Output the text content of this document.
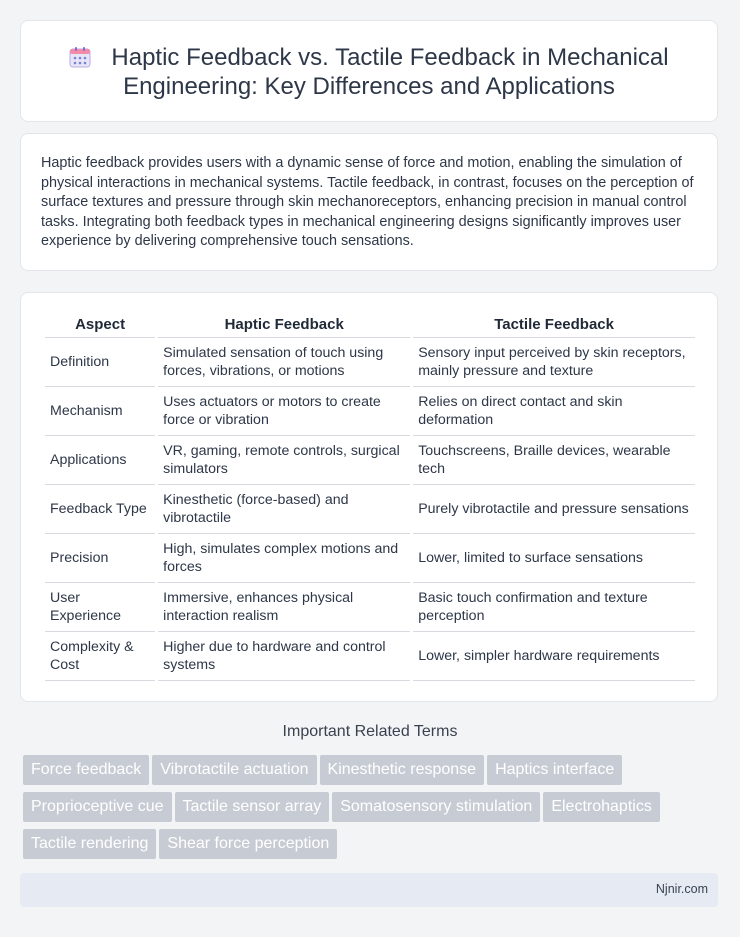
Haptic Feedback vs. Tactile Feedback in Mechanical Engineering: Key Differences and Applications
Haptic feedback provides users with a dynamic sense of force and motion, enabling the simulation of physical interactions in mechanical systems. Tactile feedback, in contrast, focuses on the perception of surface textures and pressure through skin mechanoreceptors, enhancing precision in manual control tasks. Integrating both feedback types in mechanical engineering designs significantly improves user experience by delivering comprehensive touch sensations.
Aspect	Haptic Feedback	Tactile Feedback
Definition	Simulated sensation of touch using forces, vibrations, or motions	Sensory input perceived by skin receptors, mainly pressure and texture
Mechanism	Uses actuators or motors to create force or vibration	Relies on direct contact and skin deformation
Applications	VR, gaming, remote controls, surgical simulators	Touchscreens, Braille devices, wearable tech
Feedback Type	Kinesthetic (force-based) and vibrotactile	Purely vibrotactile and pressure sensations
Precision	High, simulates complex motions and forces	Lower, limited to surface sensations
User Experience	Immersive, enhances physical interaction realism	Basic touch confirmation and texture perception
Complexity & Cost	Higher due to hardware and control systems	Lower, simpler hardware requirements
Important Related Terms
Force feedback Vibrotactile actuation Kinesthetic response Haptics interface
Proprioceptive cue Tactile sensor array Somatosensory stimulation Electrohaptics
Tactile rendering Shear force perception
Njnir.com
